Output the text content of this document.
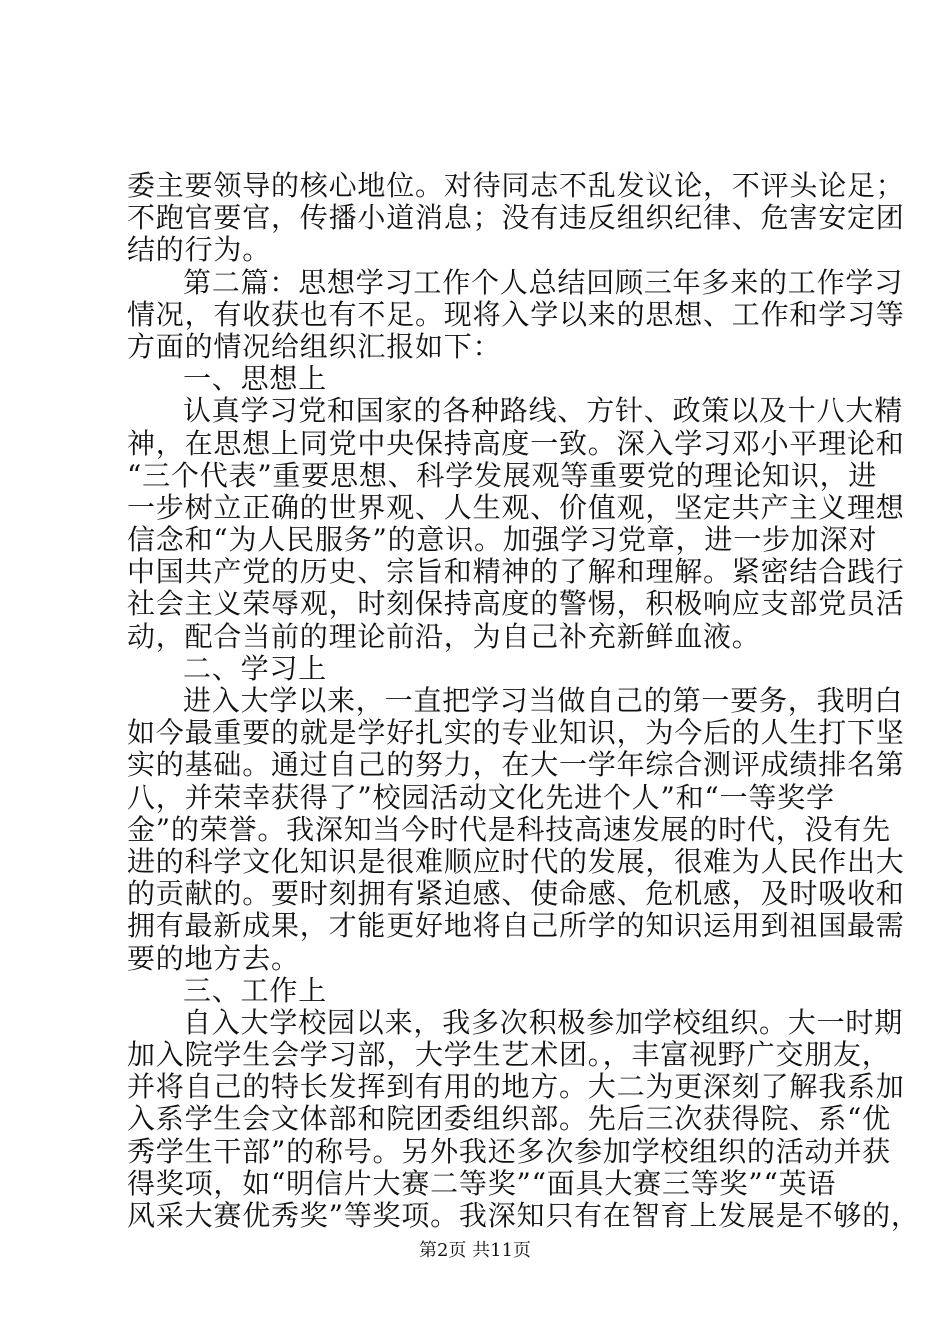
委主要领导的核心地位。对待同志不乱发议论，不评头论足；
不跑官要官，传播小道消息；没有违反组织纪律、危害安定团
结的行为。
第二篇：思想学习工作个人总结回顾三年多来的工作学习
情况，有收获也有不足。现将入学以来的思想、工作和学习等
方面的情况给组织汇报如下：
一、思想上
认真学习党和国家的各种路线、方针、政策以及十八大精
神，在思想上同党中央保持高度一致。深入学习邓小平理论和
“三个代表”重要思想、科学发展观等重要党的理论知识，进
一步树立正确的世界观、人生观、价值观，坚定共产主义理想
信念和“为人民服务”的意识。加强学习党章，进一步加深对
中国共产党的历史、宗旨和精神的了解和理解。紧密结合践行
社会主义荣辱观，时刻保持高度的警惕，积极响应支部党员活
动，配合当前的理论前沿，为自己补充新鲜血液。
二、学习上
进入大学以来，一直把学习当做自己的第一要务，我明白
如今最重要的就是学好扎实的专业知识，为今后的人生打下坚
实的基础。通过自己的努力，在大一学年综合测评成绩排名第
八，并荣幸获得了”校园活动文化先进个人”和“一等奖学
金”的荣誉。我深知当今时代是科技高速发展的时代，没有先
进的科学文化知识是很难顺应时代的发展，很难为人民作出大
的贡献的。要时刻拥有紧迫感、使命感、危机感，及时吸收和
拥有最新成果，才能更好地将自己所学的知识运用到祖国最需
要的地方去。
三、工作上
自入大学校园以来，我多次积极参加学校组织。大一时期
加入院学生会学习部，大学生艺术团。，丰富视野广交朋友，
并将自己的特长发挥到有用的地方。大二为更深刻了解我系加
入系学生会文体部和院团委组织部。先后三次获得院、系“优
秀学生干部”的称号。另外我还多次参加学校组织的活动并获
得奖项，如“明信片大赛二等奖”“面具大赛三等奖”“英语
风采大赛优秀奖”等奖项。我深知只有在智育上发展是不够的，
第2页 共11页
